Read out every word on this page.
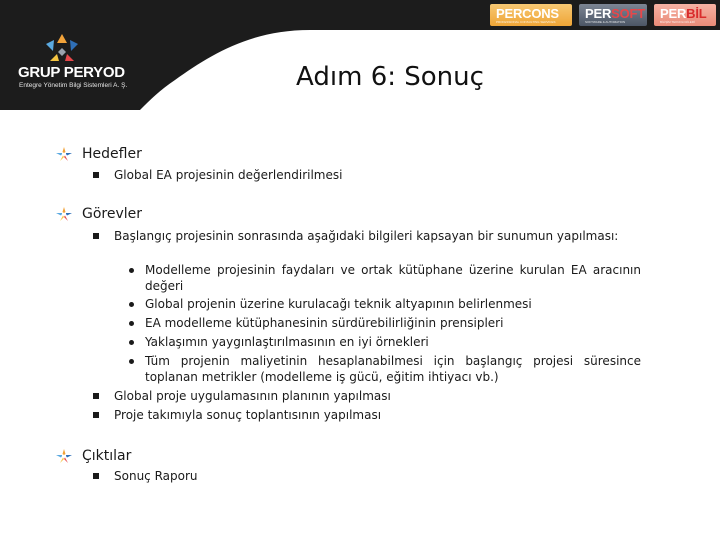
PERCONS
PROFESSIONAL CONSULTING SERVICES
PERSOFT
SOFTWARE & AUTOMATION
PERBİL
BİLİŞİM TEKNOLOJİLERİ
GRUP PERYOD
Entegre Yönetim Bilgi Sistemleri A. Ş.	Adım 6: Sonuç
Hedefler
Global EA projesinin değerlendirilmesi
Görevler
Başlangıç projesinin sonrasında aşağıdaki bilgileri kapsayan bir sunumun yapılması:
Modelleme projesinin faydaları ve ortak kütüphane üzerine kurulan EA aracının değeri
Global projenin üzerine kurulacağı teknik altyapının belirlenmesi
EA modelleme kütüphanesinin sürdürebilirliğinin prensipleri
Yaklaşımın yaygınlaştırılmasının en iyi örnekleri
Tüm projenin maliyetinin hesaplanabilmesi için başlangıç projesi süresince toplanan metrikler (modelleme iş gücü, eğitim ihtiyacı vb.)
Global proje uygulamasının planının yapılması
Proje takımıyla sonuç toplantısının yapılması
Çıktılar
Sonuç Raporu
